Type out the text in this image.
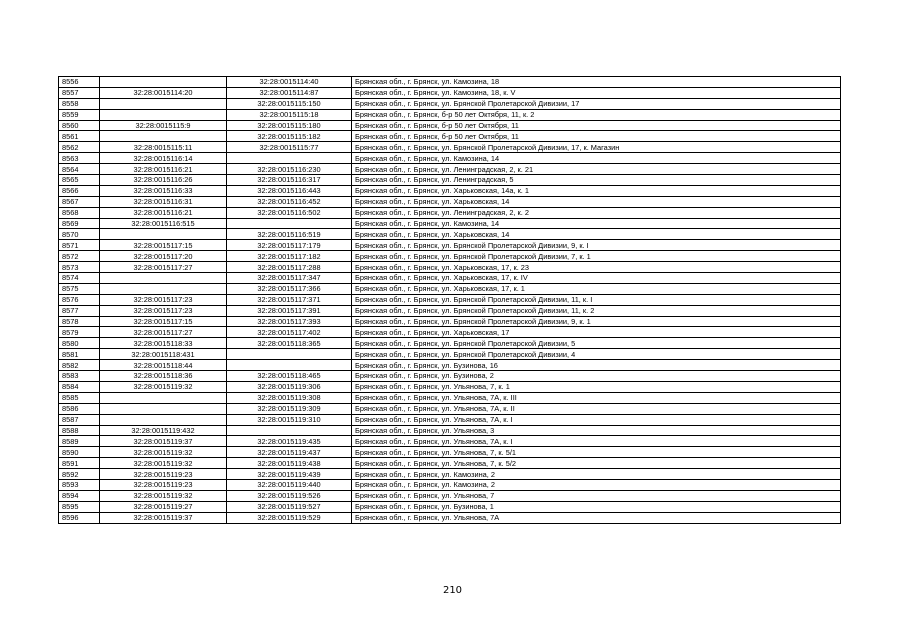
8556		32:28:0015114:40	Брянская обл., г. Брянск, ул. Камозина, 18
8557	32:28:0015114:20	32:28:0015114:87	Брянская обл., г. Брянск, ул. Камозина, 18, к. V
8558		32:28:0015115:150	Брянская обл., г. Брянск, ул. Брянской Пролетарской Дивизии, 17
8559		32:28:0015115:18	Брянская обл., г. Брянск, б-р 50 лет Октября, 11, к. 2
8560	32:28:0015115:9	32:28:0015115:180	Брянская обл., г. Брянск, б-р 50 лет Октября, 11
8561		32:28:0015115:182	Брянская обл., г. Брянск, б-р 50 лет Октября, 11
8562	32:28:0015115:11	32:28:0015115:77	Брянская обл., г. Брянск, ул. Брянской Пролетарской Дивизии, 17, к. Магазин
8563	32:28:0015116:14		Брянская обл., г. Брянск, ул. Камозина, 14
8564	32:28:0015116:21	32:28:0015116:230	Брянская обл., г. Брянск, ул. Ленинградская, 2, к. 21
8565	32:28:0015116:26	32:28:0015116:317	Брянская обл., г. Брянск, ул. Ленинградская, 5
8566	32:28:0015116:33	32:28:0015116:443	Брянская обл., г. Брянск, ул. Харьковская, 14а, к. 1
8567	32:28:0015116:31	32:28:0015116:452	Брянская обл., г. Брянск, ул. Харьковская, 14
8568	32:28:0015116:21	32:28:0015116:502	Брянская обл., г. Брянск, ул. Ленинградская, 2, к. 2
8569	32:28:0015116:515		Брянская обл., г. Брянск, ул. Камозина, 14
8570		32:28:0015116:519	Брянская обл., г. Брянск, ул. Харьковская, 14
8571	32:28:0015117:15	32:28:0015117:179	Брянская обл., г. Брянск, ул. Брянской Пролетарской Дивизии, 9, к. I
8572	32:28:0015117:20	32:28:0015117:182	Брянская обл., г. Брянск, ул. Брянской Пролетарской Дивизии, 7, к. 1
8573	32:28:0015117:27	32:28:0015117:288	Брянская обл., г. Брянск, ул. Харьковская, 17, к. 23
8574		32:28:0015117:347	Брянская обл., г. Брянск, ул. Харьковская, 17, к. IV
8575		32:28:0015117:366	Брянская обл., г. Брянск, ул. Харьковская, 17, к. 1
8576	32:28:0015117:23	32:28:0015117:371	Брянская обл., г. Брянск, ул. Брянской Пролетарской Дивизии, 11, к. I
8577	32:28:0015117:23	32:28:0015117:391	Брянская обл., г. Брянск, ул. Брянской Пролетарской Дивизии, 11, к. 2
8578	32:28:0015117:15	32:28:0015117:393	Брянская обл., г. Брянск, ул. Брянской Пролетарской Дивизии, 9, к. 1
8579	32:28:0015117:27	32:28:0015117:402	Брянская обл., г. Брянск, ул. Харьковская, 17
8580	32:28:0015118:33	32:28:0015118:365	Брянская обл., г. Брянск, ул. Брянской Пролетарской Дивизии, 5
8581	32:28:0015118:431		Брянская обл., г. Брянск, ул. Брянской Пролетарской Дивизии, 4
8582	32:28:0015118:44		Брянская обл., г. Брянск, ул. Бузинова, 16
8583	32:28:0015118:36	32:28:0015118:465	Брянская обл., г. Брянск, ул. Бузинова, 2
8584	32:28:0015119:32	32:28:0015119:306	Брянская обл., г. Брянск, ул. Ульянова, 7, к. 1
8585		32:28:0015119:308	Брянская обл., г. Брянск, ул. Ульянова, 7А, к. III
8586		32:28:0015119:309	Брянская обл., г. Брянск, ул. Ульянова, 7А, к. II
8587		32:28:0015119:310	Брянская обл., г. Брянск, ул. Ульянова, 7А, к. I
8588	32:28:0015119:432		Брянская обл., г. Брянск, ул. Ульянова, 3
8589	32:28:0015119:37	32:28:0015119:435	Брянская обл., г. Брянск, ул. Ульянова, 7А, к. I
8590	32:28:0015119:32	32:28:0015119:437	Брянская обл., г. Брянск, ул. Ульянова, 7, к. 5/1
8591	32:28:0015119:32	32:28:0015119:438	Брянская обл., г. Брянск, ул. Ульянова, 7, к. 5/2
8592	32:28:0015119:23	32:28:0015119:439	Брянская обл., г. Брянск, ул. Камозина, 2
8593	32:28:0015119:23	32:28:0015119:440	Брянская обл., г. Брянск, ул. Камозина, 2
8594	32:28:0015119:32	32:28:0015119:526	Брянская обл., г. Брянск, ул. Ульянова, 7
8595	32:28:0015119:27	32:28:0015119:527	Брянская обл., г. Брянск, ул. Бузинова, 1
8596	32:28:0015119:37	32:28:0015119:529	Брянская обл., г. Брянск, ул. Ульянова, 7А
210
